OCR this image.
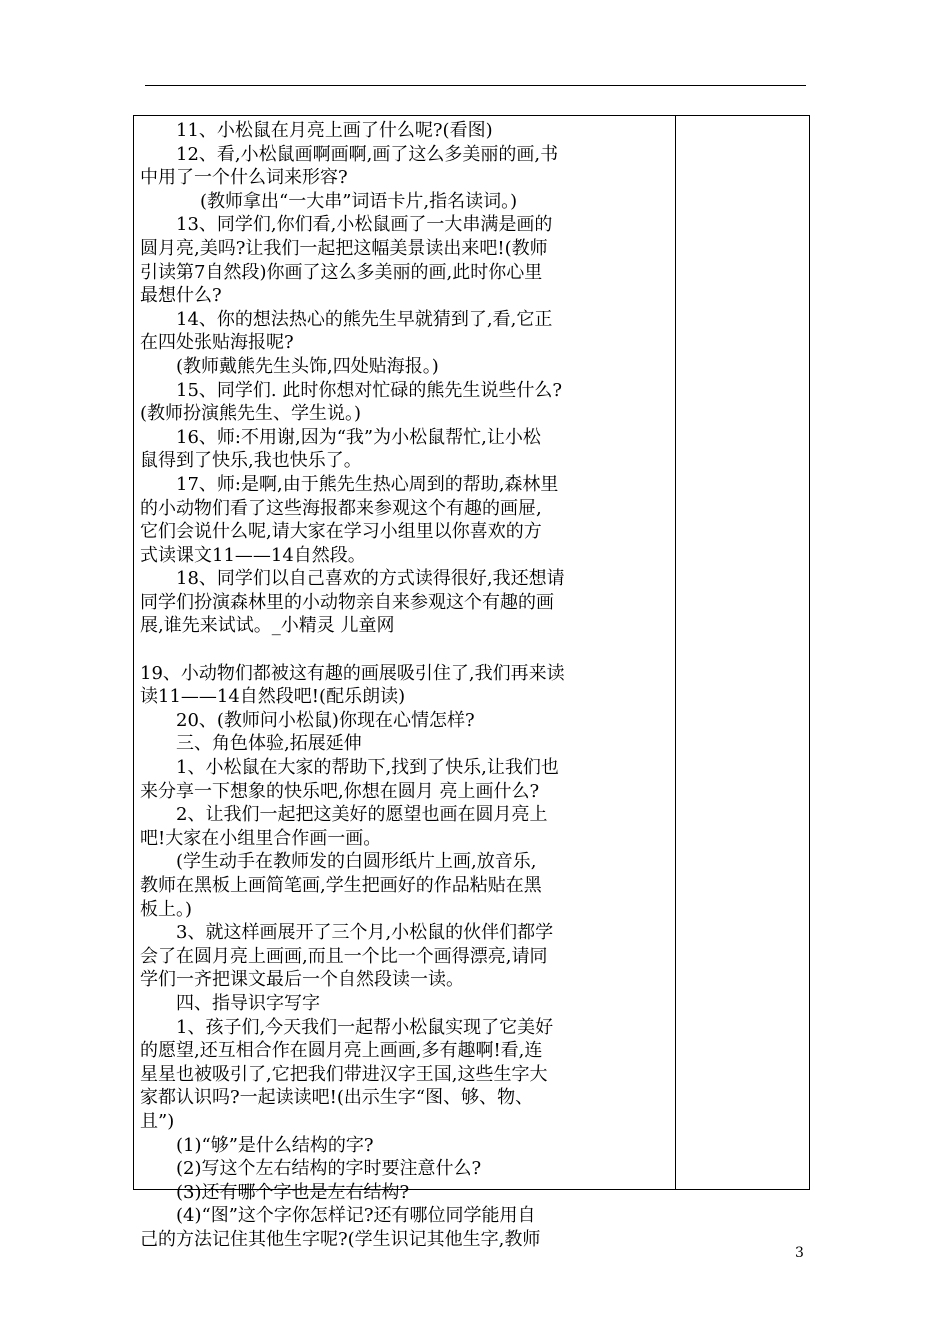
11、小松鼠在月亮上画了什么呢?(看图)

12、看,小松鼠画啊画啊,画了这么多美丽的画,书

中用了一个什么词来形容?

(教师拿出“一大串”词语卡片,指名读词。)

13、同学们,你们看,小松鼠画了一大串满是画的

圆月亮,美吗?让我们一起把这幅美景读出来吧!(教师

引读第7自然段)你画了这么多美丽的画,此时你心里

最想什么?

14、你的想法热心的熊先生早就猜到了,看,它正

在四处张贴海报呢?

(教师戴熊先生头饰,四处贴海报。)

15、同学们. 此时你想对忙碌的熊先生说些什么?

(教师扮演熊先生、学生说。)

16、师:不用谢,因为“我”为小松鼠帮忙,让小松

鼠得到了快乐,我也快乐了。

17、师:是啊,由于熊先生热心周到的帮助,森林里

的小动物们看了这些海报都来参观这个有趣的画屉,

它们会说什么呢,请大家在学习小组里以你喜欢的方

式读课文11——14自然段。

18、同学们以自己喜欢的方式读得很好,我还想请

同学们扮演森林里的小动物亲自来参观这个有趣的画

展,谁先来试试。_小精灵 儿童网

19、小动物们都被这有趣的画展吸引住了,我们再来读

读11——14自然段吧!(配乐朗读)

20、(教师问小松鼠)你现在心情怎样?

三、角色体验,拓展延伸

1、小松鼠在大家的帮助下,找到了快乐,让我们也

来分享一下想象的快乐吧,你想在圆月 亮上画什么?

2、让我们一起把这美好的愿望也画在圆月亮上

吧!大家在小组里合作画一画。

(学生动手在教师发的白圆形纸片上画,放音乐,

教师在黑板上画简笔画,学生把画好的作品粘贴在黑

板上。)

3、就这样画展开了三个月,小松鼠的伙伴们都学

会了在圆月亮上画画,而且一个比一个画得漂亮,请同

学们一齐把课文最后一个自然段读一读。

四、指导识字写字

1、孩子们,今天我们一起帮小松鼠实现了它美好

的愿望,还互相合作在圆月亮上画画,多有趣啊!看,连

星星也被吸引了,它把我们带进汉字王国,这些生字大

家都认识吗?一起读读吧!(出示生字“图、够、物、

且”)

(1)“够”是什么结构的字?

(2)写这个左右结构的字时要注意什么?

(3)还有哪个字也是左右结构?

(4)“图”这个字你怎样记?还有哪位同学能用自

己的方法记住其他生字呢?(学生识记其他生字,教师

3
